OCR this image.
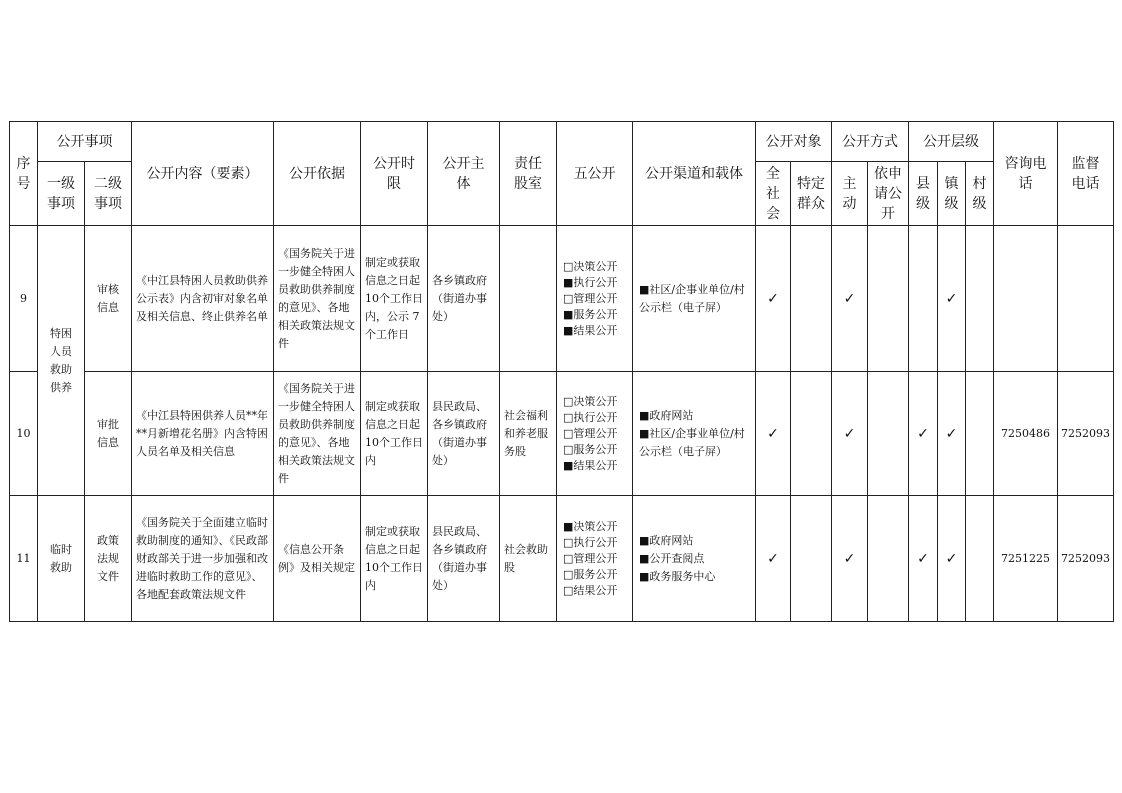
序号	公开事项		公开内容（要素）	公开依据	公开时限	公开主体	责任股室	五公开	公开渠道和载体	公开对象		公开方式		公开层级			咨询电话	监督电话

	一级事项	二级事项								全社会	特定群众	主动	依申请公开	县级	镇级	村级		

9	特困人员救助供养	审核信息	《中江县特困人员救助供养公示表》内含初审对象名单及相关信息、终止供养名单	《国务院关于进一步健全特困人员救助供养制度的意见》、各地相关政策法规文件	制定或获取信息之日起 10个工作日内，公示 7 个工作日	各乡镇政府（街道办事处）		□决策公开
■执行公开
□管理公开
■服务公开
■结果公开	■社区/企事业单位/村公示栏（电子屏）	✓		✓			✓			
10		审批信息	《中江县特困供养人员**年**月新增花名册》内含特困人员名单及相关信息	《国务院关于进一步健全特困人员救助供养制度的意见》、各地相关政策法规文件	制定或获取信息之日起 10个工作日内	县民政局、各乡镇政府（街道办事处）	社会福利和养老服务股	□决策公开
□执行公开
□管理公开
□服务公开
■结果公开	■政府网站
■社区/企事业单位/村公示栏（电子屏）	✓		✓		✓	✓		7250486	7252093
11	临时救助	政策法规文件	《国务院关于全面建立临时救助制度的通知》、《民政部 财政部关于进一步加强和改进临时救助工作的意见》、各地配套政策法规文件	《信息公开条例》及相关规定	制定或获取信息之日起 10个工作日内	县民政局、各乡镇政府（街道办事处）	社会救助股	■决策公开
□执行公开
□管理公开
□服务公开
□结果公开	■政府网站
■公开查阅点
■政务服务中心	✓		✓		✓	✓		7251225	7252093
